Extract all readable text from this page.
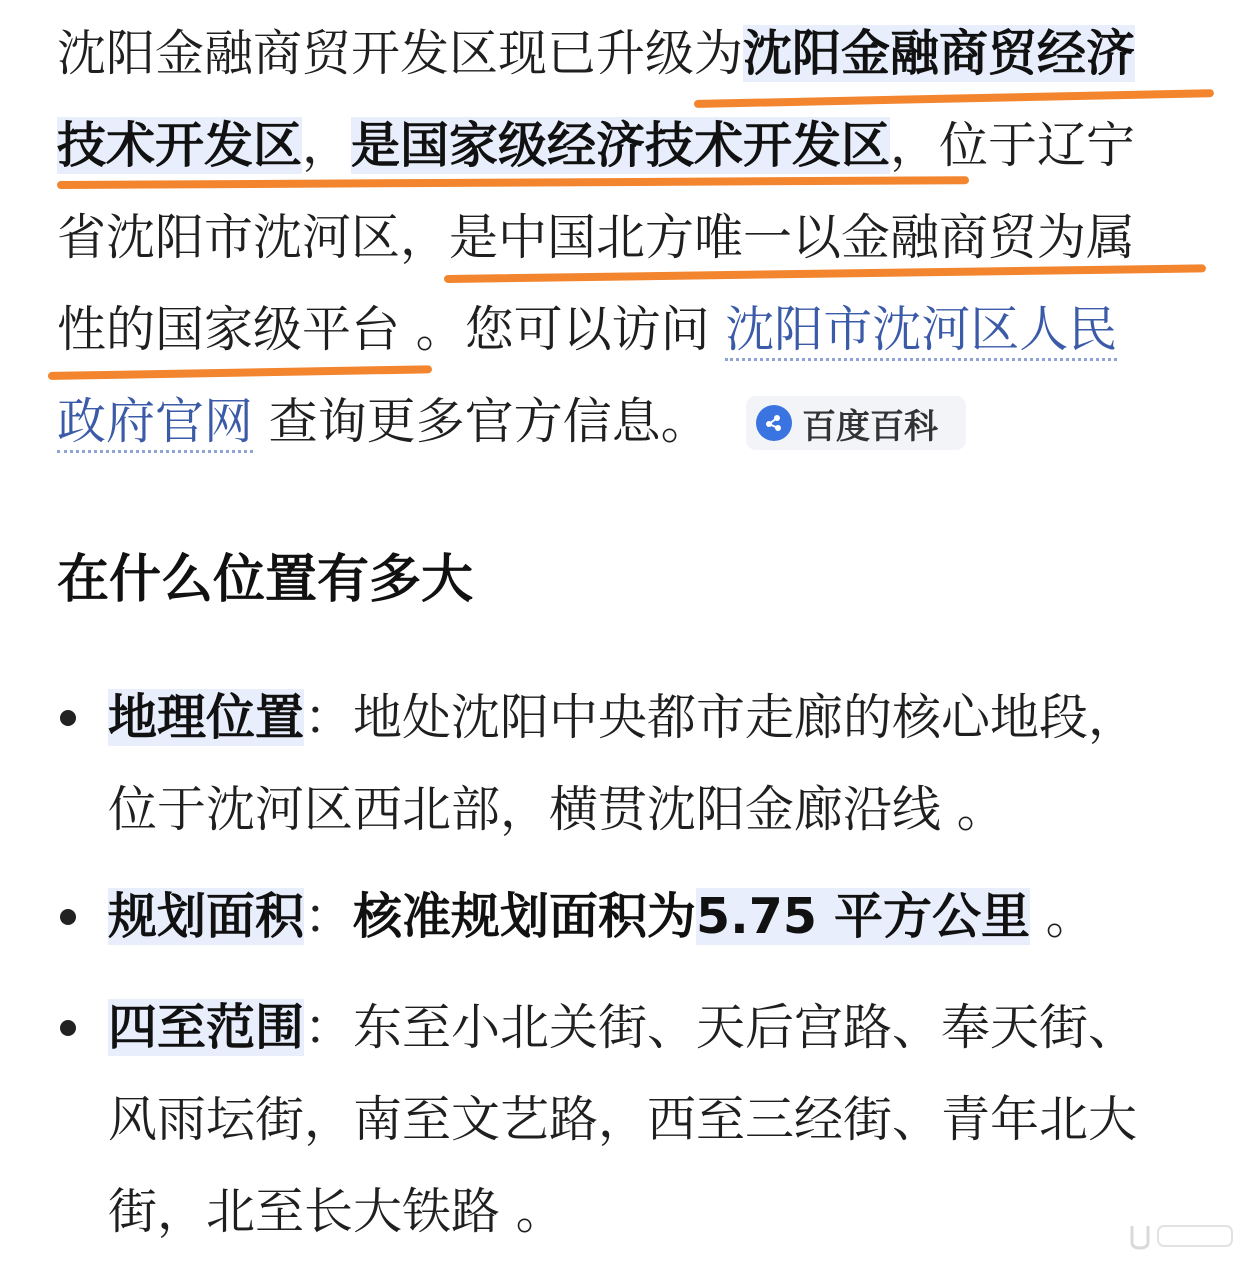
沈阳金融商贸开发区现已升级为沈阳金融商贸经济
技术开发区，是国家级经济技术开发区，位于辽宁
省沈阳市沈河区，是中国北方唯一以金融商贸为属
性的国家级平台 。您可以访问 沈阳市沈河区人民
政府官网 查询更多官方信息。	百度百科
在什么位置有多大
地理位置：地处沈阳中央都市走廊的核心地段，
位于沈河区西北部，横贯沈阳金廊沿线 。
规划面积：核准规划面积为5.75 平方公里 。
四至范围：东至小北关街、天后宫路、奉天街、
风雨坛街，南至文艺路，西至三经街、青年北大
街，北至长大铁路 。
